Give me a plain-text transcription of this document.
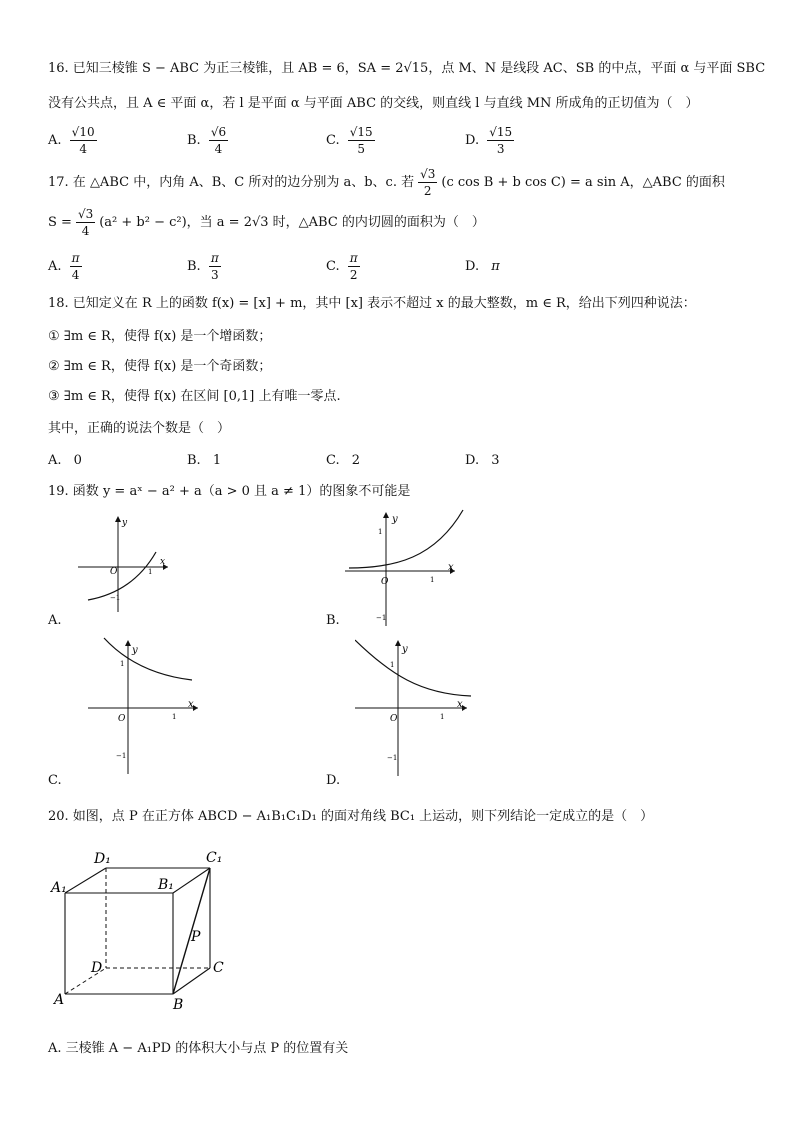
16. 已知三棱锥 S − ABC 为正三棱锥，且 AB = 6，SA = 2√15，点 M、N 是线段 AC、SB 的中点，平面 α 与平面 SBC
没有公共点，且 A ∈ 平面 α，若 l 是平面 α 与平面 ABC 的交线，则直线 l 与直线 MN 所成角的正切值为（　）
A. $\frac{√10}{4}$	B. $\frac{√6}{4}$	C. $\frac{√15}{5}$	D. $\frac{√15}{3}$
17. 在 △ABC 中，内角 A、B、C 所对的边分别为 a、b、c. 若 $\frac{√3}{2} (c$ cos B + b cos C) = a sin A，△ABC 的面积
$S = \frac{√3}{4} (a^2 + b^2 - c^2)$，当 a = 2√3 时，△ABC 的内切圆的面积为（　）
A. $\frac{\pi}{4}$	B. $\frac{\pi}{3}$	C. $\frac{\pi}{2}$	D. π
18. 已知定义在 R 上的函数 f(x) = [x] + m，其中 [x] 表示不超过 x 的最大整数，m ∈ R，给出下列四种说法：
① ∃m ∈ R，使得 f(x) 是一个增函数；
② ∃m ∈ R，使得 f(x) 是一个奇函数；
③ ∃m ∈ R，使得 f(x) 在区间 [0,1] 上有唯一零点.
其中，正确的说法个数是（　）
A. 0	B. 1	C. 2	D. 3
19. 函数 y = aˣ − a² + a（a > 0 且 a ≠ 1）的图象不可能是
y
x
O	1
−1
A.
y
x
O
1
1
−1
B.
y
x
O
1
1
−1
C.
y
x
O
1
1
−1
D.
20. 如图，点 P 在正方体 ABCD − A₁B₁C₁D₁ 的面对角线 BC₁ 上运动，则下列结论一定成立的是（　）
D₁	C₁
A₁	B₁
P
D	C
A	B
A. 三棱锥 A − A₁PD 的体积大小与点 P 的位置有关
